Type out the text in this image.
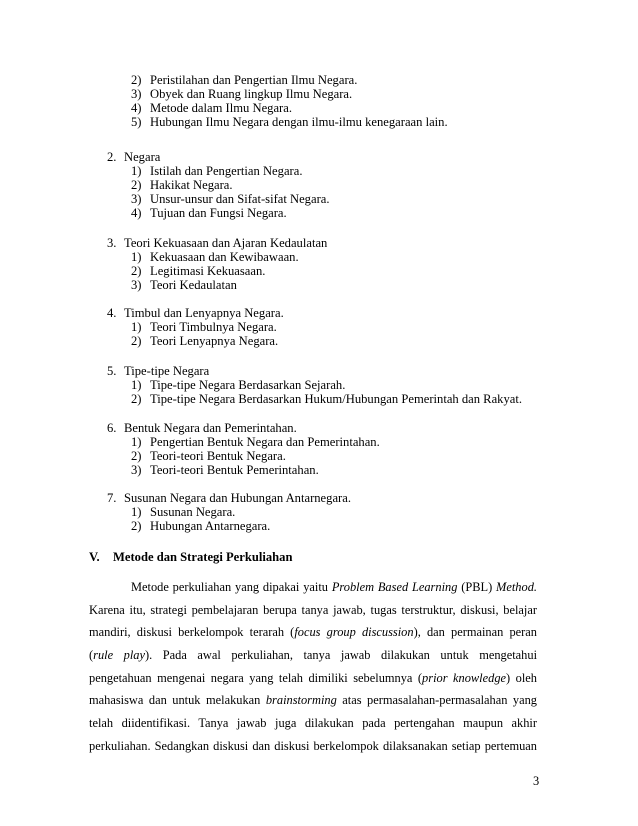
2) Peristilahan dan Pengertian Ilmu Negara.
3) Obyek dan Ruang lingkup Ilmu Negara.
4) Metode dalam Ilmu Negara.
5) Hubungan Ilmu Negara dengan ilmu-ilmu kenegaraan lain.
2. Negara
1) Istilah dan Pengertian Negara.
2) Hakikat Negara.
3) Unsur-unsur dan Sifat-sifat Negara.
4) Tujuan dan Fungsi Negara.
3. Teori Kekuasaan dan Ajaran Kedaulatan
1) Kekuasaan dan Kewibawaan.
2) Legitimasi Kekuasaan.
3) Teori Kedaulatan
4. Timbul dan Lenyapnya Negara.
1) Teori Timbulnya Negara.
2) Teori Lenyapnya Negara.
5. Tipe-tipe Negara
1) Tipe-tipe Negara Berdasarkan Sejarah.
2) Tipe-tipe Negara Berdasarkan Hukum/Hubungan Pemerintah dan Rakyat.
6. Bentuk Negara dan Pemerintahan.
1) Pengertian Bentuk Negara dan Pemerintahan.
2) Teori-teori Bentuk Negara.
3) Teori-teori Bentuk Pemerintahan.
7. Susunan Negara dan Hubungan Antarnegara.
1) Susunan Negara.
2) Hubungan Antarnegara.
V. Metode dan Strategi Perkuliahan
Metode perkuliahan yang dipakai yaitu Problem Based Learning (PBL) Method.
Karena itu, strategi pembelajaran berupa tanya jawab, tugas terstruktur, diskusi, belajar
mandiri, diskusi berkelompok terarah (focus group discussion), dan permainan peran
(rule play). Pada awal perkuliahan, tanya jawab dilakukan untuk mengetahui
pengetahuan mengenai negara yang telah dimiliki sebelumnya (prior knowledge) oleh
mahasiswa dan untuk melakukan brainstorming atas permasalahan-permasalahan yang
telah diidentifikasi. Tanya jawab juga dilakukan pada pertengahan maupun akhir
perkuliahan. Sedangkan diskusi dan diskusi berkelompok dilaksanakan setiap pertemuan
3
